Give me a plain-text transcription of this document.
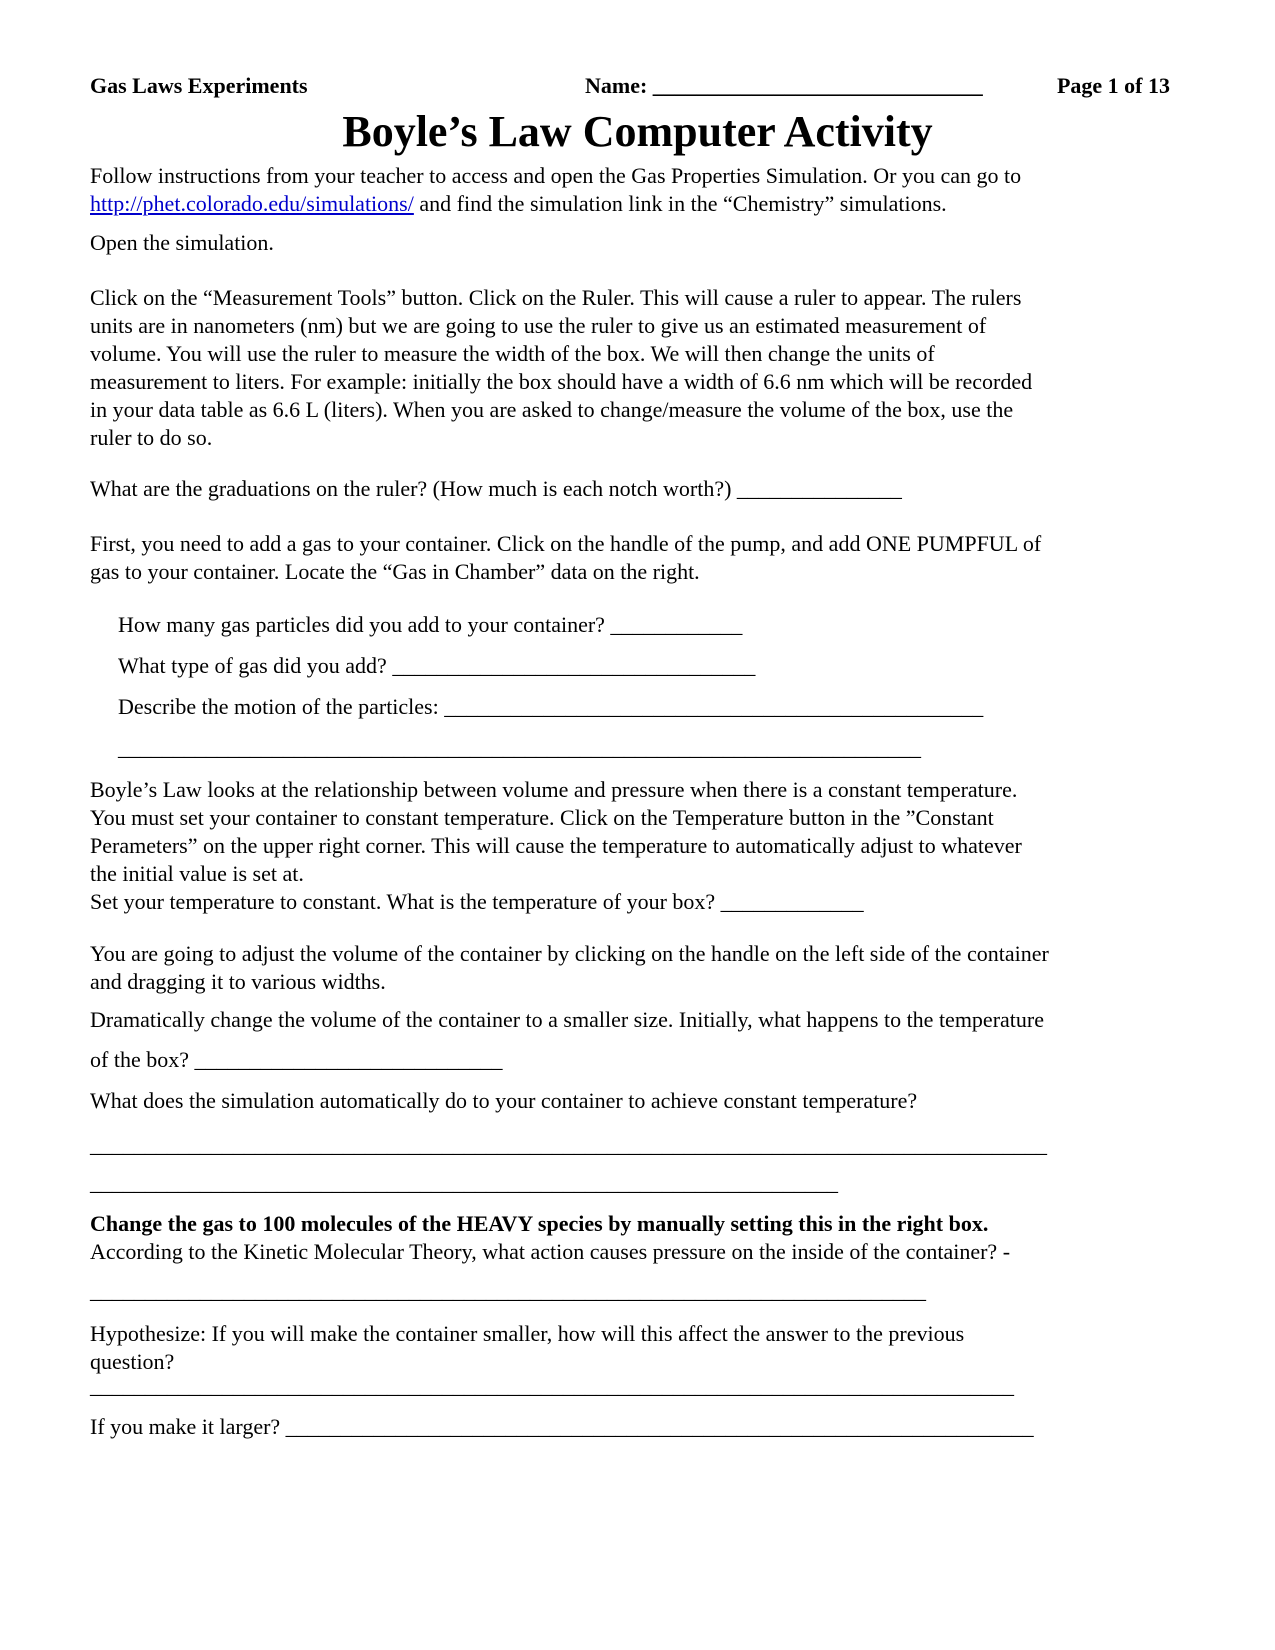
Gas Laws Experiments	Name: ______________________________	Page 1 of 13
Boyle’s Law Computer Activity

Follow instructions from your teacher to access and open the Gas Properties Simulation. Or you can go to
http://phet.colorado.edu/simulations/ and find the simulation link in the “Chemistry” simulations.

Open the simulation.

Click on the “Measurement Tools” button. Click on the Ruler. This will cause a ruler to appear. The rulers
units are in nanometers (nm) but we are going to use the ruler to give us an estimated measurement of
volume. You will use the ruler to measure the width of the box. We will then change the units of
measurement to liters. For example: initially the box should have a width of 6.6 nm which will be recorded
in your data table as 6.6 L (liters). When you are asked to change/measure the volume of the box, use the
ruler to do so.

What are the graduations on the ruler? (How much is each notch worth?) _______________

First, you need to add a gas to your container. Click on the handle of the pump, and add ONE PUMPFUL of
gas to your container. Locate the “Gas in Chamber” data on the right.

How many gas particles did you add to your container? ____________

What type of gas did you add? _________________________________

Describe the motion of the particles: _________________________________________________

_________________________________________________________________________

Boyle’s Law looks at the relationship between volume and pressure when there is a constant temperature.
You must set your container to constant temperature. Click on the Temperature button in the ”Constant
Perameters” on the upper right corner. This will cause the temperature to automatically adjust to whatever
the initial value is set at.
Set your temperature to constant. What is the temperature of your box? _____________

You are going to adjust the volume of the container by clicking on the handle on the left side of the container
and dragging it to various widths.

Dramatically change the volume of the container to a smaller size. Initially, what happens to the temperature

of the box? ____________________________

What does the simulation automatically do to your container to achieve constant temperature?

_______________________________________________________________________________________

____________________________________________________________________

Change the gas to 100 molecules of the HEAVY species by manually setting this in the right box.
According to the Kinetic Molecular Theory, what action causes pressure on the inside of the container? -

____________________________________________________________________________

Hypothesize: If you will make the container smaller, how will this affect the answer to the previous
question?

____________________________________________________________________________________

If you make it larger? ____________________________________________________________________
